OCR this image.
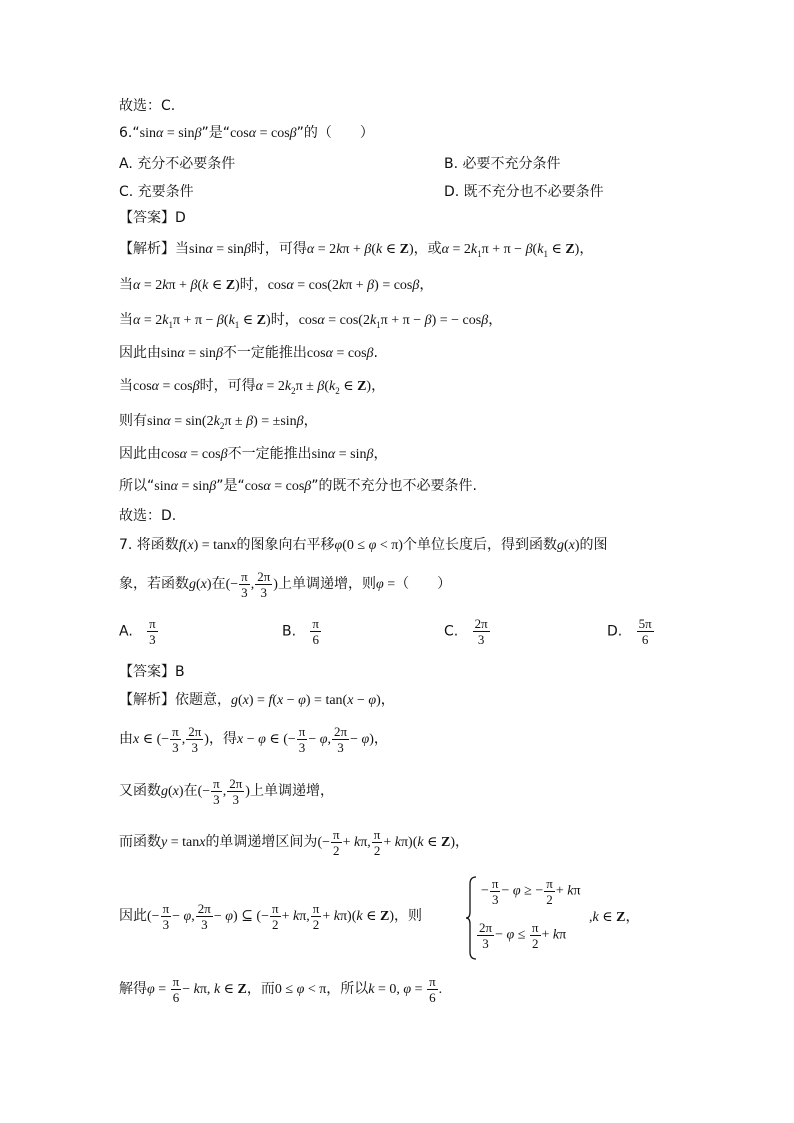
故选：C.
6.“sinα = sinβ”是“cosα = cosβ”的（　　）
A. 充分不必要条件	B. 必要不充分条件
C. 充要条件	D. 既不充分也不必要条件
【答案】D
【解析】当sinα = sinβ时，可得α = 2kπ + β(k ∈ Z)，或$\alpha = 2k_1\pi + \pi - \beta(k_1$ ∈ Z)，
当α = 2kπ + β(k ∈ Z)时，cosα = cos(2kπ + β) = cosβ，
当$\alpha = 2k_1\pi + \pi - \beta(k_1$ ∈ Z)时，$\cos\alpha = \cos(2k_1\pi + \pi - \beta)$ = − cosβ，
因此由sinα = sinβ不一定能推出cosα = cosβ.
当cosα = cosβ时，可得$\alpha = 2k_2\pi \pm \beta(k_2$ ∈ Z)，
则有$\sin\alpha = \sin(2k_2\pi \pm \beta) = \pm\sin\beta$，
因此由cosα = cosβ不一定能推出sinα = sinβ，
所以“sinα = sinβ”是“cosα = cosβ”的既不充分也不必要条件.
故选：D.
7. 将函数f(x) = tanx的图象向右平移φ(0 ≤ φ < π)个单位长度后，得到函数g(x)的图
象，若函数g(x)在(− $\frac{\pi}{3}$ , $\frac{2\pi}{3}$ )上单调递增，则φ =（　　）
A. $\frac{\pi}{3}$	B. $\frac{\pi}{6}$	C. $\frac{2\pi}{3}$	D. $\frac{5\pi}{6}$
【答案】B
【解析】依题意，g(x) = f(x − φ) = tan(x − φ)，
由x ∈ (− $\frac{\pi}{3}$ , $\frac{2\pi}{3}$ )，得x − φ ∈ (− $\frac{\pi}{3} - \varphi$, $\frac{2\pi}{3} - \varphi$)，
又函数g(x)在(− $\frac{\pi}{3}$ , $\frac{2\pi}{3}$ )上单调递增，
而函数y = tanx的单调递增区间为(− $\frac{\pi}{2} + k\pi$, $\frac{\pi}{2} + k\pi)(k$ ∈ Z)，
因此(− $\frac{\pi}{3} - \varphi$, $\frac{2\pi}{3} - \varphi$) ⊆ (− $\frac{\pi}{2} + k\pi$, $\frac{\pi}{2} + k\pi)(k$ ∈ Z)，则
− $\frac{\pi}{3} - \varphi$ ≥ − $\frac{\pi}{2} + k\pi$
$\frac{2\pi}{3} - \varphi \le \frac{\pi}{2} + k\pi$
,k ∈ Z，
解得$\varphi = \frac{\pi}{6} - k\pi$, k ∈ Z，而0 ≤ φ < π，所以k = 0, $\varphi = \frac{\pi}{6}$ .
